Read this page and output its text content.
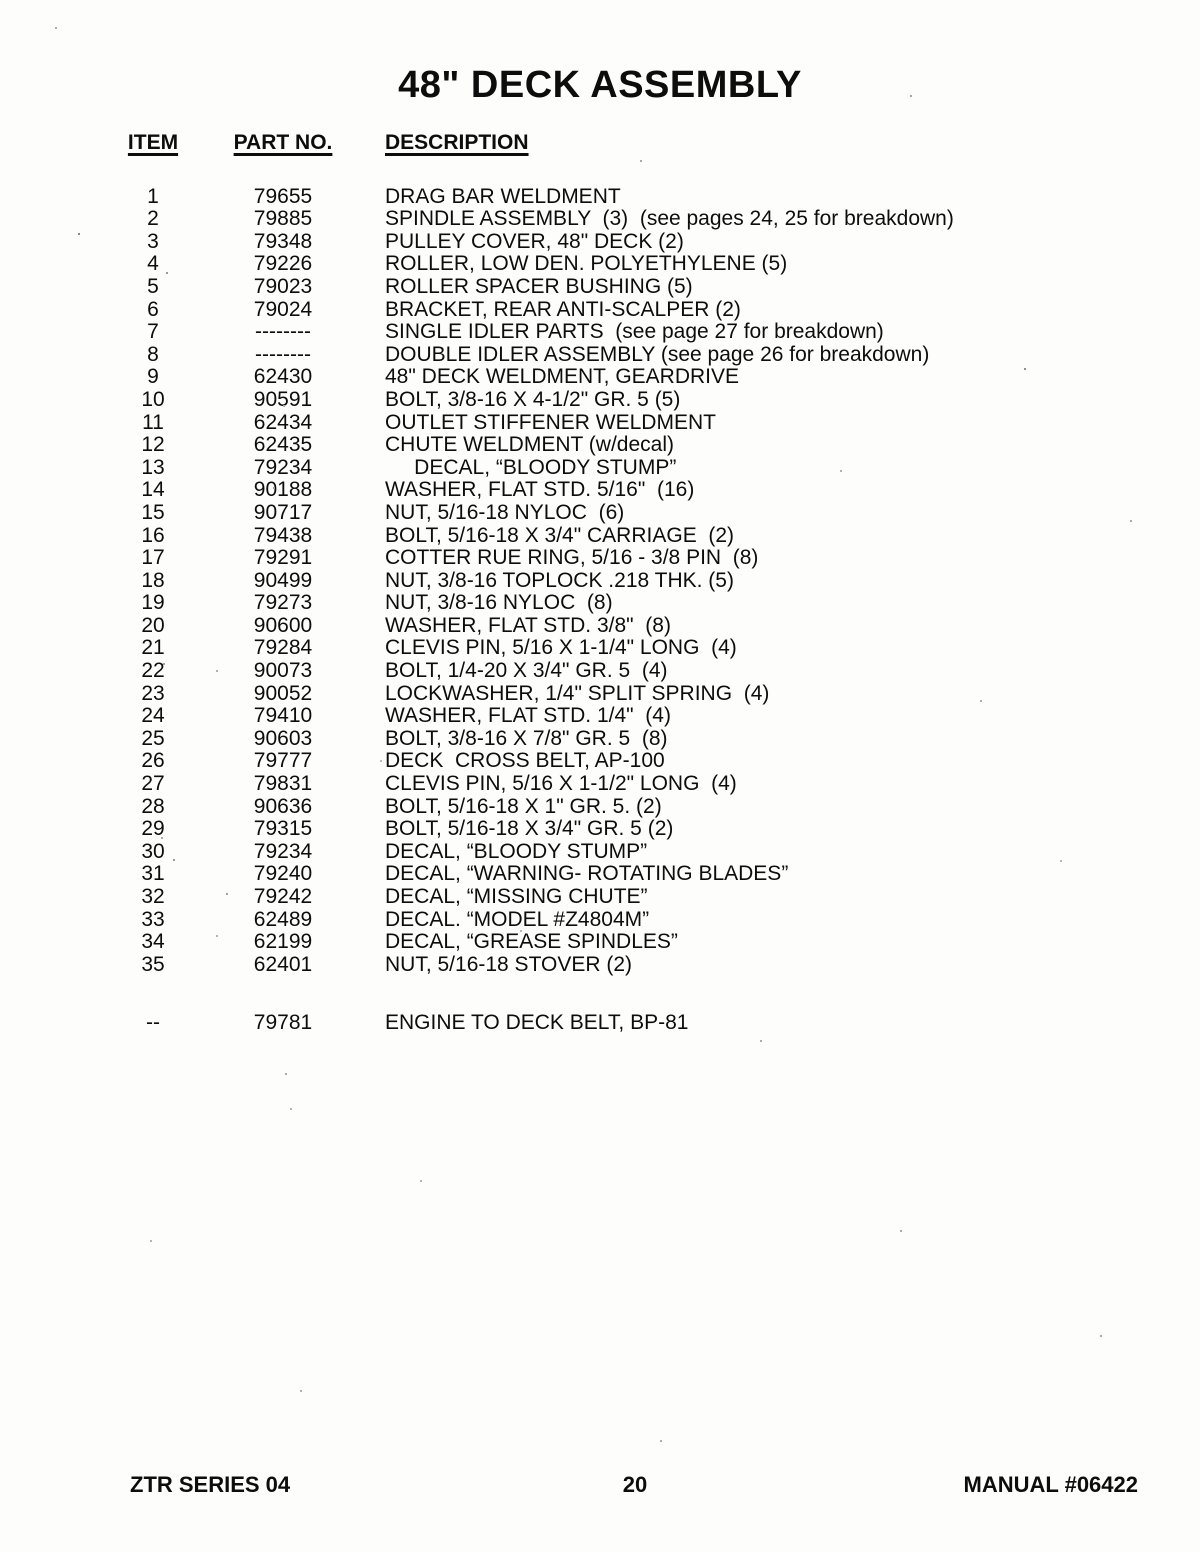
48" DECK ASSEMBLY
ITEM	PART NO.	DESCRIPTION
1	79655	DRAG BAR WELDMENT
2	79885	SPINDLE ASSEMBLY  (3)  (see pages 24, 25 for breakdown)
3	79348	PULLEY COVER, 48" DECK (2)
4	79226	ROLLER, LOW DEN. POLYETHYLENE (5)
5	79023	ROLLER SPACER BUSHING (5)
6	79024	BRACKET, REAR ANTI-SCALPER (2)
7	--------	SINGLE IDLER PARTS  (see page 27 for breakdown)
8	--------	DOUBLE IDLER ASSEMBLY (see page 26 for breakdown)
9	62430	48" DECK WELDMENT, GEARDRIVE
10	90591	BOLT, 3/8-16 X 4-1/2" GR. 5 (5)
11	62434	OUTLET STIFFENER WELDMENT
12	62435	CHUTE WELDMENT (w/decal)
13	79234	DECAL, “BLOODY STUMP”
14	90188	WASHER, FLAT STD. 5/16"  (16)
15	90717	NUT, 5/16-18 NYLOC  (6)
16	79438	BOLT, 5/16-18 X 3/4" CARRIAGE  (2)
17	79291	COTTER RUE RING, 5/16 - 3/8 PIN  (8)
18	90499	NUT, 3/8-16 TOPLOCK .218 THK. (5)
19	79273	NUT, 3/8-16 NYLOC  (8)
20	90600	WASHER, FLAT STD. 3/8"  (8)
21	79284	CLEVIS PIN, 5/16 X 1-1/4" LONG  (4)
22	90073	BOLT, 1/4-20 X 3/4" GR. 5  (4)
23	90052	LOCKWASHER, 1/4" SPLIT SPRING  (4)
24	79410	WASHER, FLAT STD. 1/4"  (4)
25	90603	BOLT, 3/8-16 X 7/8" GR. 5  (8)
26	79777	DECK  CROSS BELT, AP-100
27	79831	CLEVIS PIN, 5/16 X 1-1/2" LONG  (4)
28	90636	BOLT, 5/16-18 X 1" GR. 5. (2)
29	79315	BOLT, 5/16-18 X 3/4" GR. 5 (2)
30	79234	DECAL, “BLOODY STUMP”
31	79240	DECAL, “WARNING- ROTATING BLADES”
32	79242	DECAL, “MISSING CHUTE”
33	62489	DECAL. “MODEL #Z4804M”
34	62199	DECAL, “GREASE SPINDLES”
35	62401	NUT, 5/16-18 STOVER (2)
--	79781	ENGINE TO DECK BELT, BP-81
ZTR SERIES 04	20	MANUAL #06422
